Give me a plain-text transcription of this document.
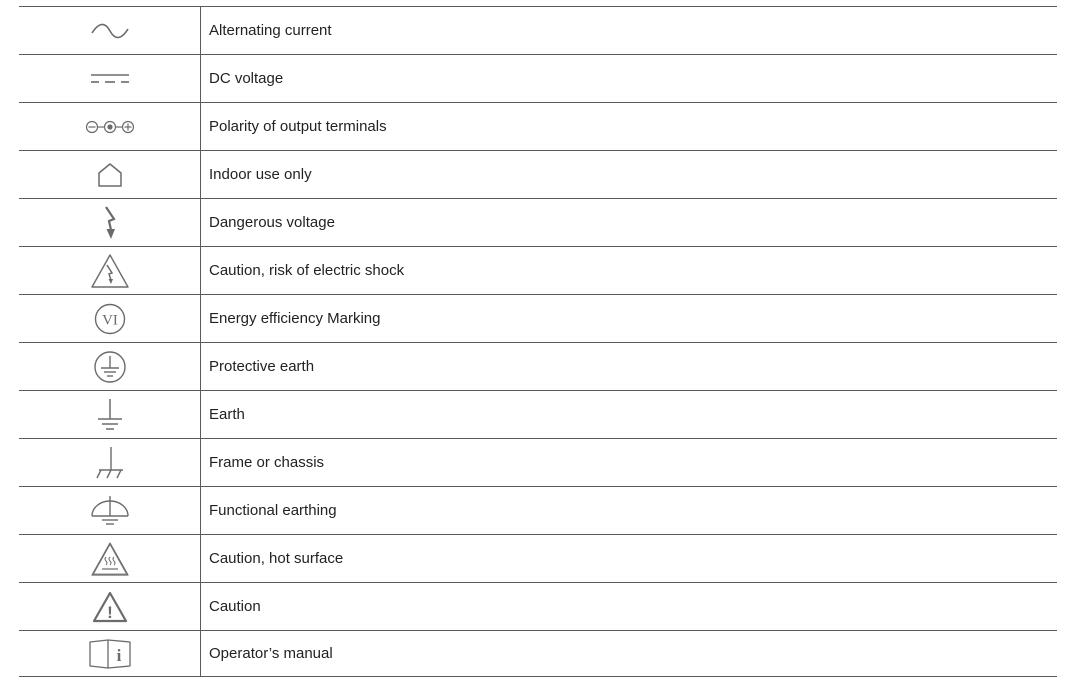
	Alternating current

	DC voltage

	Polarity of output terminals

	Indoor use only

	Dangerous voltage

	Caution, risk of electric shock

VI	Energy efficiency Marking

	Protective earth

	Earth

	Frame or chassis

	Functional earthing

	Caution, hot surface

!	Caution

i	Operator’s manual
